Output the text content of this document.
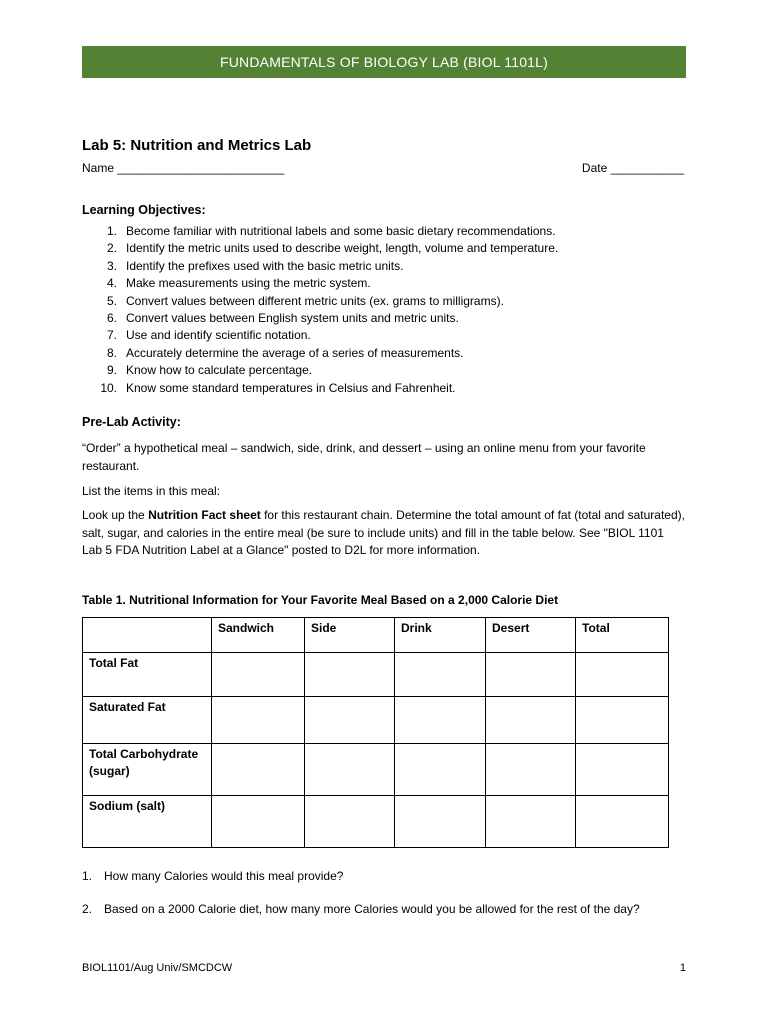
FUNDAMENTALS OF BIOLOGY LAB (BIOL 1101L)
Lab 5: Nutrition and Metrics Lab
Name _________________________	Date ___________
Learning Objectives:
1. Become familiar with nutritional labels and some basic dietary recommendations.
2. Identify the metric units used to describe weight, length, volume and temperature.
3. Identify the prefixes used with the basic metric units.
4. Make measurements using the metric system.
5. Convert values between different metric units (ex. grams to milligrams).
6. Convert values between English system units and metric units.
7. Use and identify scientific notation.
8. Accurately determine the average of a series of measurements.
9. Know how to calculate percentage.
10. Know some standard temperatures in Celsius and Fahrenheit.
Pre-Lab Activity:
“Order” a hypothetical meal – sandwich, side, drink, and dessert – using an online menu from your favorite restaurant.
List the items in this meal:
Look up the Nutrition Fact sheet for this restaurant chain. Determine the total amount of fat (total and saturated), salt, sugar, and calories in the entire meal (be sure to include units) and fill in the table below. See "BIOL 1101 Lab 5 FDA Nutrition Label at a Glance" posted to D2L for more information.
Table 1. Nutritional Information for Your Favorite Meal Based on a 2,000 Calorie Diet
	Sandwich	Side	Drink	Desert	Total
Total Fat					
Saturated Fat					
Total Carbohydrate (sugar)					
Sodium (salt)					
1. How many Calories would this meal provide?
2. Based on a 2000 Calorie diet, how many more Calories would you be allowed for the rest of the day?
BIOL1101/Aug Univ/SMCDCW	1
